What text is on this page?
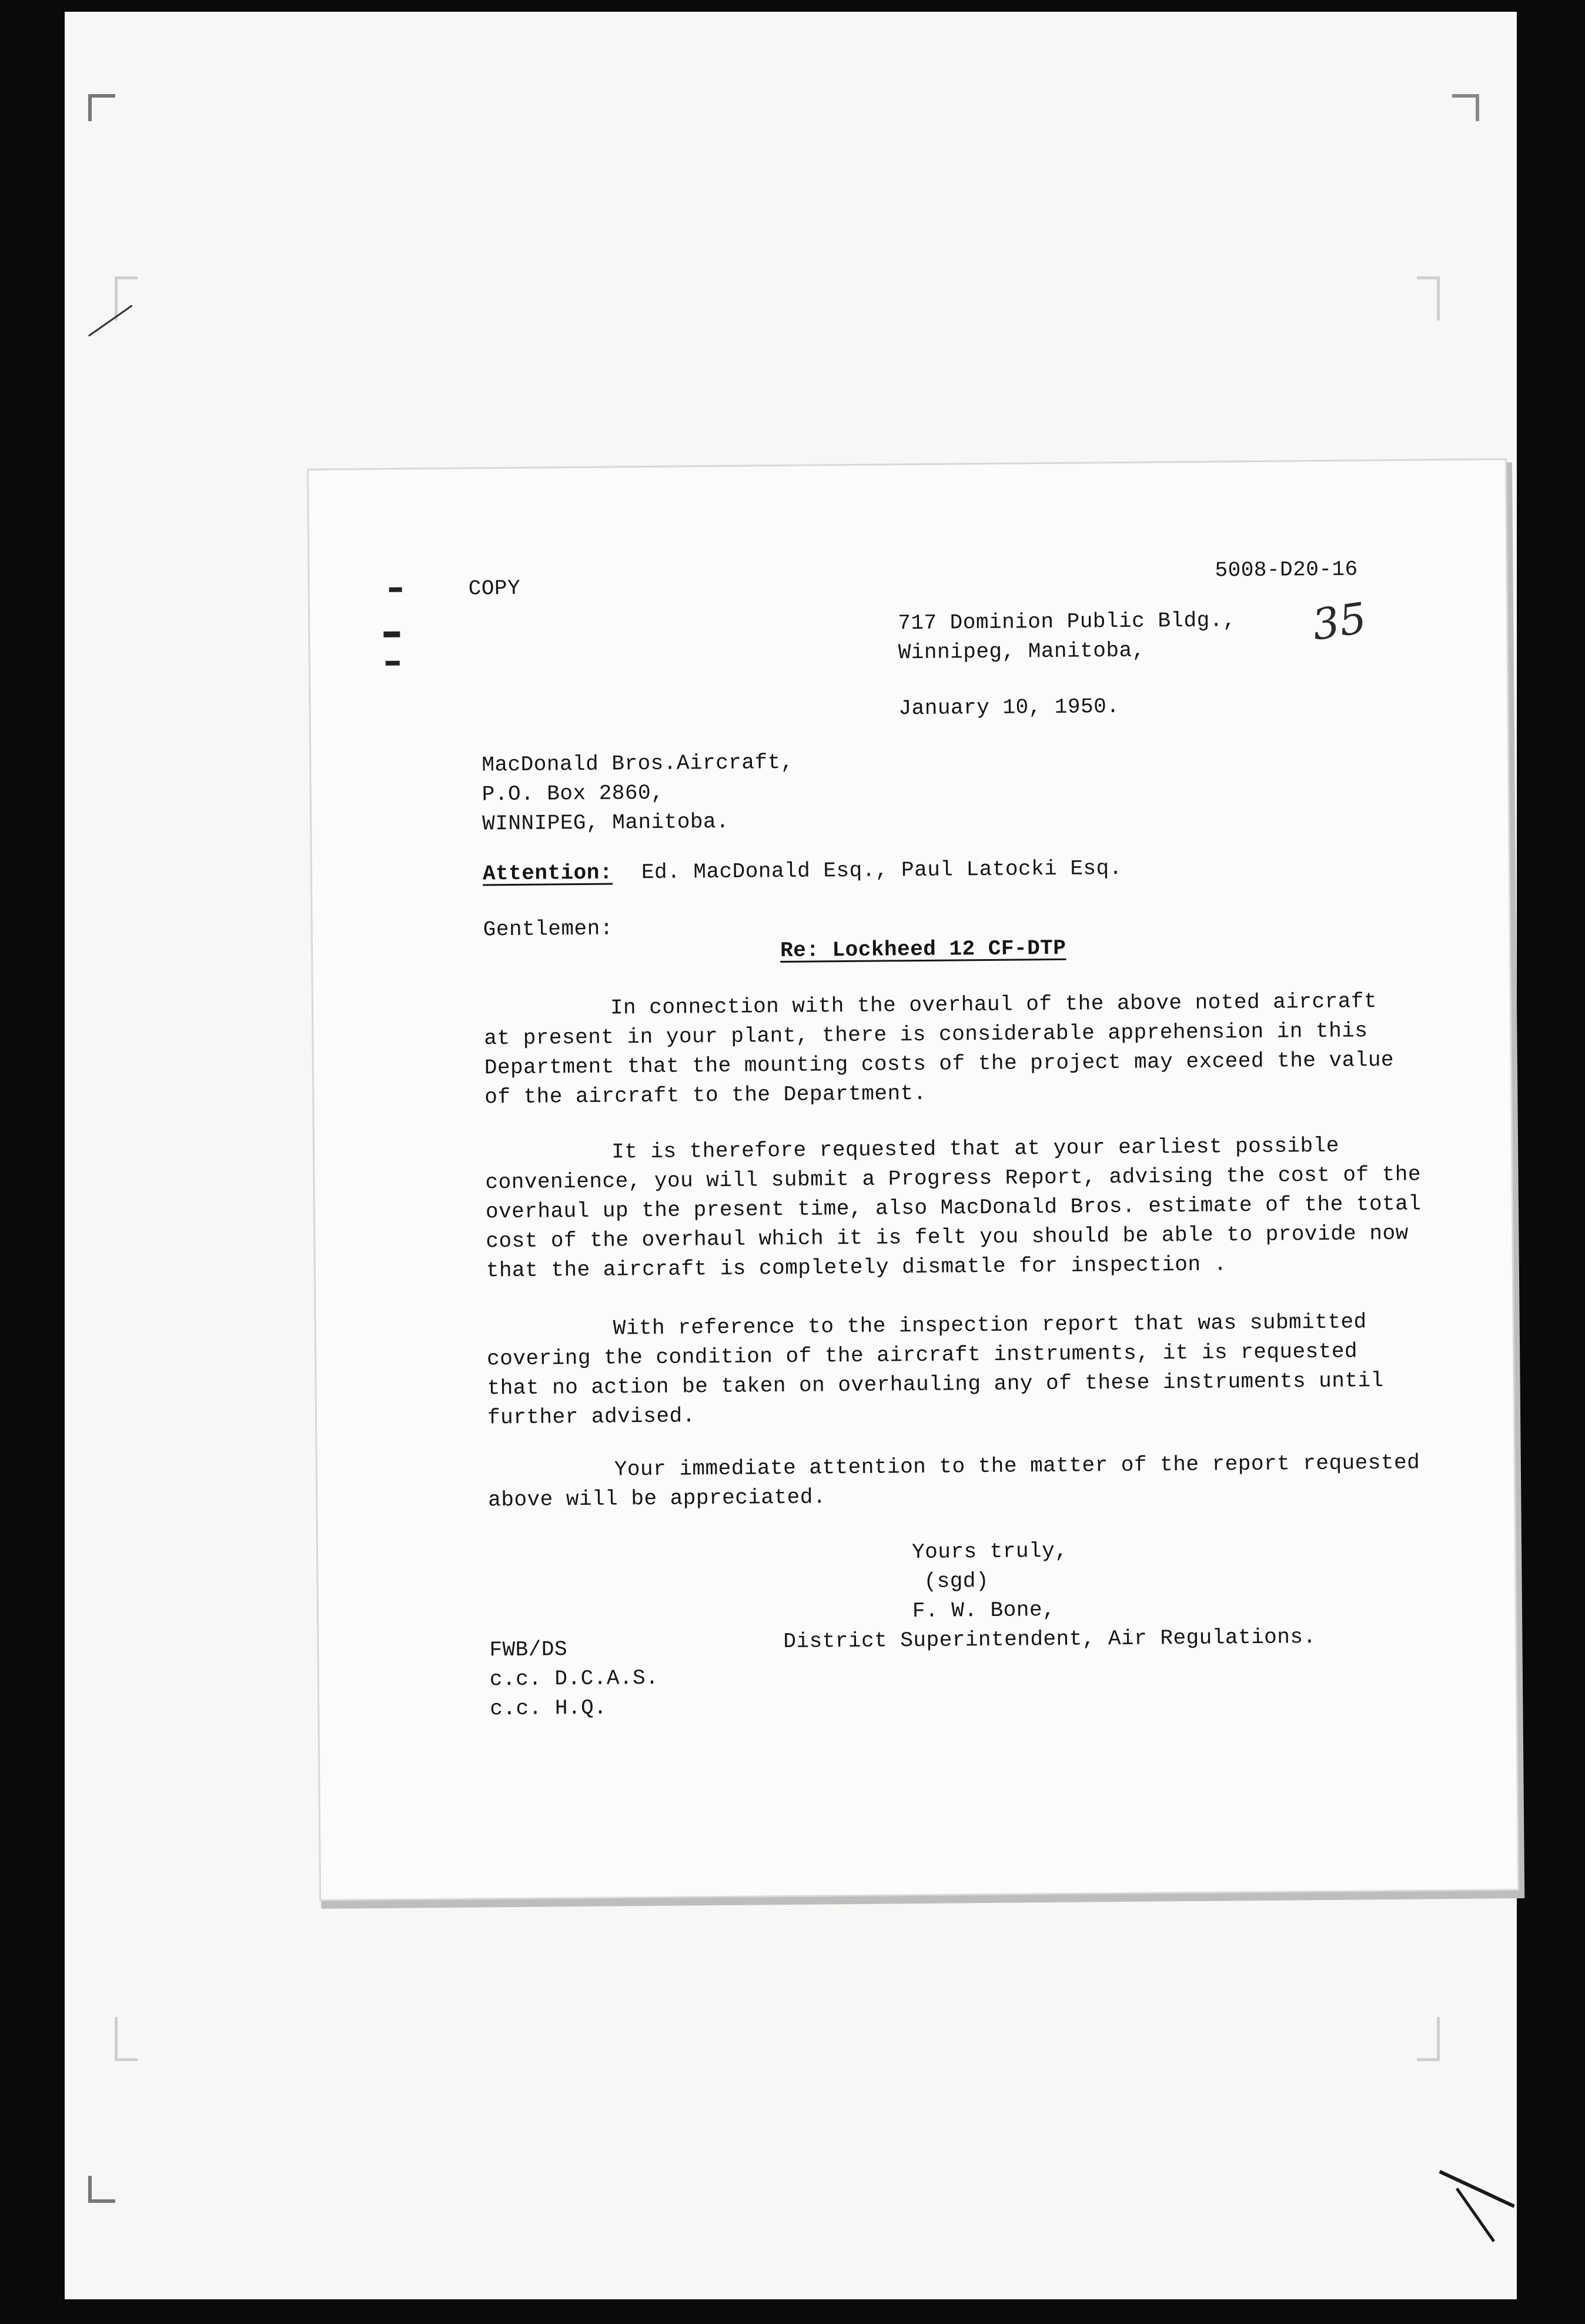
COPY
5008-D20-16
35
717 Dominion Public Bldg.,
Winnipeg, Manitoba,
January 10, 1950.
MacDonald Bros.Aircraft,
P.O. Box 2860,
WINNIPEG, Manitoba.
Attention: Ed. MacDonald Esq., Paul Latocki Esq.
Gentlemen:
Re: Lockheed 12 CF-DTP
In connection with the overhaul of the above noted aircraft
at present in your plant, there is considerable apprehension in this
Department that the mounting costs of the project may exceed the value
of the aircraft to the Department.
It is therefore requested that at your earliest possible
convenience, you will submit a Progress Report, advising the cost of the
overhaul up the present time, also MacDonald Bros. estimate of the total
cost of the overhaul which it is felt you should be able to provide now
that the aircraft is completely dismatle for inspection .
With reference to the inspection report that was submitted
covering the condition of the aircraft instruments, it is requested
that no action be taken on overhauling any of these instruments until
further advised.
Your immediate attention to the matter of the report requested
above will be appreciated.
Yours truly,
(sgd)
F. W. Bone,
District Superintendent, Air Regulations.
FWB/DS
c.c. D.C.A.S.
c.c. H.Q.
